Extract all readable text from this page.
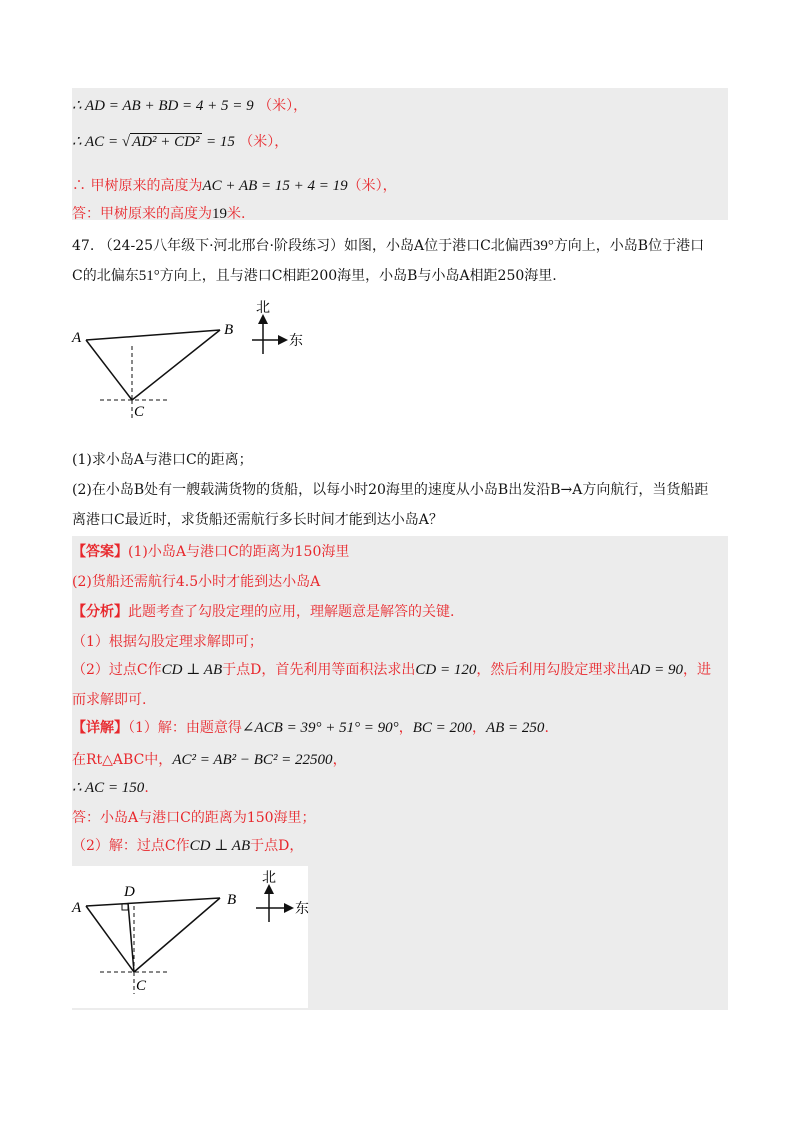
∴ AD = AB + BD = 4 + 5 = 9 （米），
∴ AC = √ AD² + CD² = 15 （米），
∴ 甲树原来的高度为AC + AB = 15 + 4 = 19（米），
答：甲树原来的高度为19米.
47. （24-25八年级下·河北邢台·阶段练习）如图，小岛A位于港口C北偏西39°方向上，小岛B位于港口
C的北偏东51°方向上，且与港口C相距200海里，小岛B与小岛A相距250海里.
A	B
C
北
东
(1)求小岛A与港口C的距离；
(2)在小岛B处有一艘载满货物的货船，以每小时20海里的速度从小岛B出发沿B→A方向航行，当货船距
离港口C最近时，求货船还需航行多长时间才能到达小岛A？
【答案】(1)小岛A与港口C的距离为150海里
(2)货船还需航行4.5小时才能到达小岛A
【分析】此题考查了勾股定理的应用，理解题意是解答的关键.
（1）根据勾股定理求解即可；
（2）过点C作CD ⊥ AB于点D，首先利用等面积法求出CD = 120，然后利用勾股定理求出AD = 90，进
而求解即可.
【详解】（1）解：由题意得∠ACB = 39° + 51° = 90°，BC = 200，AB = 250.
在Rt△ABC中，AC² = AB² − BC² = 22500，
∴ AC = 150.
答：小岛A与港口C的距离为150海里；
（2）解：过点C作CD ⊥ AB于点D，
A
D	B
C
北
东
